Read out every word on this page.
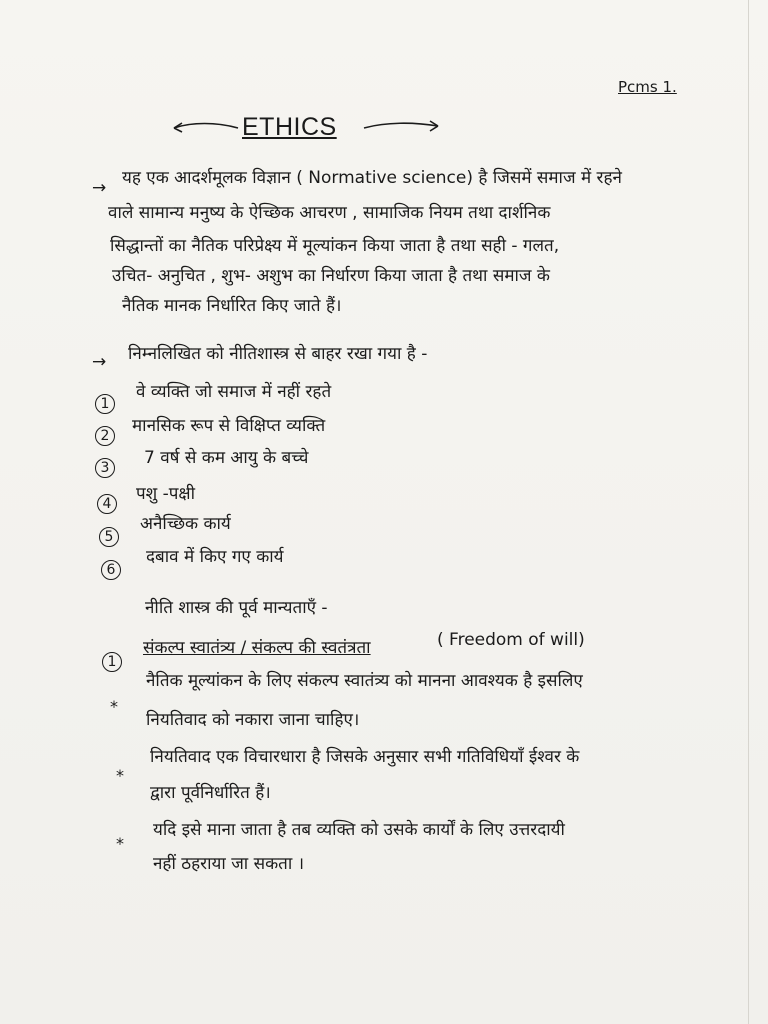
Pcms 1.
ETHICS
→ यह एक आदर्शमूलक विज्ञान ( Normative science) है जिसमें समाज में रहने
वाले सामान्य मनुष्य के ऐच्छिक आचरण , सामाजिक नियम तथा दार्शनिक
सिद्धान्तों का नैतिक परिप्रेक्ष्य में मूल्यांकन किया जाता है तथा सही - गलत,
उचित- अनुचित , शुभ- अशुभ का निर्धारण किया जाता है तथा समाज के
नैतिक मानक निर्धारित किए जाते हैं।
→ निम्नलिखित को नीतिशास्त्र से बाहर रखा गया है -
1
वे व्यक्ति जो समाज में नहीं रहते
2	मानसिक रूप से विक्षिप्त व्यक्ति
3	7 वर्ष से कम आयु के बच्चे
4	पशु -पक्षी
5
अनैच्छिक कार्य
6
दबाव में किए गए कार्य
नीति शास्त्र की पूर्व मान्यताएँ -
1
संकल्प स्वातंत्र्य / संकल्प की स्वतंत्रता	( Freedom of will)
*
नैतिक मूल्यांकन के लिए संकल्प स्वातंत्र्य को मानना आवश्यक है इसलिए
नियतिवाद को नकारा जाना चाहिए।
*
नियतिवाद एक विचारधारा है जिसके अनुसार सभी गतिविधियाँ ईश्वर के
द्वारा पूर्वनिर्धारित हैं।
*
यदि इसे माना जाता है तब व्यक्ति को उसके कार्यों के लिए उत्तरदायी
नहीं ठहराया जा सकता ।
